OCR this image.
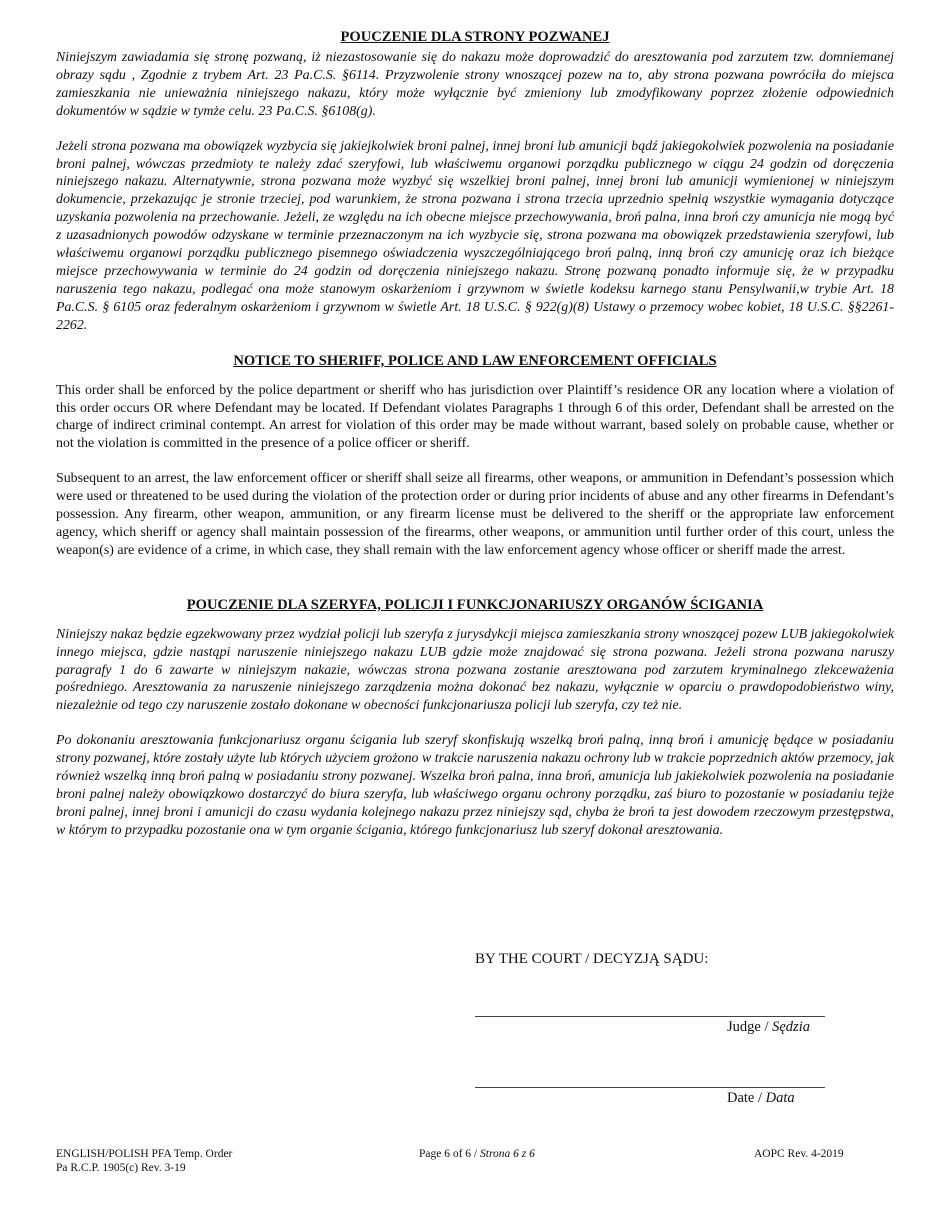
POUCZENIE DLA STRONY POZWANEJ

Niniejszym zawiadamia się stronę pozwaną, iż niezastosowanie się do nakazu może doprowadzić do aresztowania pod zarzutem tzw. domniemanej obrazy sądu , Zgodnie z trybem Art. 23 Pa.C.S. §6114. Przyzwolenie strony wnoszącej pozew na to, aby strona pozwana powróciła do miejsca zamieszkania nie unieważnia niniejszego nakazu, który może wyłącznie być zmieniony lub zmodyfikowany poprzez złożenie odpowiednich dokumentów w sądzie w tymże celu. 23 Pa.C.S. §6108(g).

Jeżeli strona pozwana ma obowiązek wyzbycia się jakiejkolwiek broni palnej, innej broni lub amunicji bądź jakiegokolwiek pozwolenia na posiadanie broni palnej, wówczas przedmioty te należy zdać szeryfowi, lub właściwemu organowi porządku publicznego w ciągu 24 godzin od doręczenia niniejszego nakazu. Alternatywnie, strona pozwana może wyzbyć się wszelkiej broni palnej, innej broni lub amunicji wymienionej w niniejszym dokumencie, przekazując je stronie trzeciej, pod warunkiem, że strona pozwana i strona trzecia uprzednio spełnią wszystkie wymagania dotyczące uzyskania pozwolenia na przechowanie. Jeżeli, ze względu na ich obecne miejsce przechowywania, broń palna, inna broń czy amunicja nie mogą być z uzasadnionych powodów odzyskane w terminie przeznaczonym na ich wyzbycie się, strona pozwana ma obowiązek przedstawienia szeryfowi, lub właściwemu organowi porządku publicznego pisemnego oświadczenia wyszczególniającego broń palną, inną broń czy amunicję oraz ich bieżące miejsce przechowywania w terminie do 24 godzin od doręczenia niniejszego nakazu. Stronę pozwaną ponadto informuje się, że w przypadku naruszenia tego nakazu, podlegać ona może stanowym oskarżeniom i grzywnom w świetle kodeksu karnego stanu Pensylwanii,w trybie Art. 18 Pa.C.S. § 6105 oraz federalnym oskarżeniom i grzywnom w świetle Art. 18 U.S.C. § 922(g)(8) Ustawy o przemocy wobec kobiet, 18 U.S.C. §§2261-2262.

NOTICE TO SHERIFF, POLICE AND LAW ENFORCEMENT OFFICIALS

This order shall be enforced by the police department or sheriff who has jurisdiction over Plaintiff’s residence OR any location where a violation of this order occurs OR where Defendant may be located. If Defendant violates Paragraphs 1 through 6 of this order, Defendant shall be arrested on the charge of indirect criminal contempt. An arrest for violation of this order may be made without warrant, based solely on probable cause, whether or not the violation is committed in the presence of a police officer or sheriff.

Subsequent to an arrest, the law enforcement officer or sheriff shall seize all firearms, other weapons, or ammunition in Defendant’s possession which were used or threatened to be used during the violation of the protection order or during prior incidents of abuse and any other firearms in Defendant’s possession. Any firearm, other weapon, ammunition, or any firearm license must be delivered to the sheriff or the appropriate law enforcement agency, which sheriff or agency shall maintain possession of the firearms, other weapons, or ammunition until further order of this court, unless the weapon(s) are evidence of a crime, in which case, they shall remain with the law enforcement agency whose officer or sheriff made the arrest.

POUCZENIE DLA SZERYFA, POLICJI I FUNKCJONARIUSZY ORGANÓW ŚCIGANIA

Niniejszy nakaz będzie egzekwowany przez wydział policji lub szeryfa z jurysdykcji miejsca zamieszkania strony wnoszącej pozew LUB jakiegokolwiek innego miejsca, gdzie nastąpi naruszenie niniejszego nakazu LUB gdzie może znajdować się strona pozwana. Jeżeli strona pozwana naruszy paragrafy 1 do 6 zawarte w niniejszym nakazie, wówczas strona pozwana zostanie aresztowana pod zarzutem kryminalnego zlekceważenia pośredniego. Aresztowania za naruszenie niniejszego zarządzenia można dokonać bez nakazu, wyłącznie w oparciu o prawdopodobieństwo winy, niezależnie od tego czy naruszenie zostało dokonane w obecności funkcjonariusza policji lub szeryfa, czy też nie.

Po dokonaniu aresztowania funkcjonariusz organu ścigania lub szeryf skonfiskują wszelką broń palną, inną broń i amunicję będące w posiadaniu strony pozwanej, które zostały użyte lub których użyciem grożono w trakcie naruszenia nakazu ochrony lub w trakcie poprzednich aktów przemocy, jak również wszelką inną broń palną w posiadaniu strony pozwanej. Wszelka broń palna, inna broń, amunicja lub jakiekolwiek pozwolenia na posiadanie broni palnej należy obowiązkowo dostarczyć do biura szeryfa, lub właściwego organu ochrony porządku, zaś biuro to pozostanie w posiadaniu tejże broni palnej, innej broni i amunicji do czasu wydania kolejnego nakazu przez niniejszy sąd, chyba że broń ta jest dowodem rzeczowym przestępstwa, w którym to przypadku pozostanie ona w tym organie ścigania, którego funkcjonariusz lub szeryf dokonał aresztowania.

BY THE COURT / DECYZJĄ SĄDU:
Judge / Sędzia
Date / Data
ENGLISH/POLISH PFA Temp. Order
Pa R.C.P. 1905(c) Rev. 3-19
Page 6 of 6 / Strona 6 z 6	AOPC Rev. 4-2019
